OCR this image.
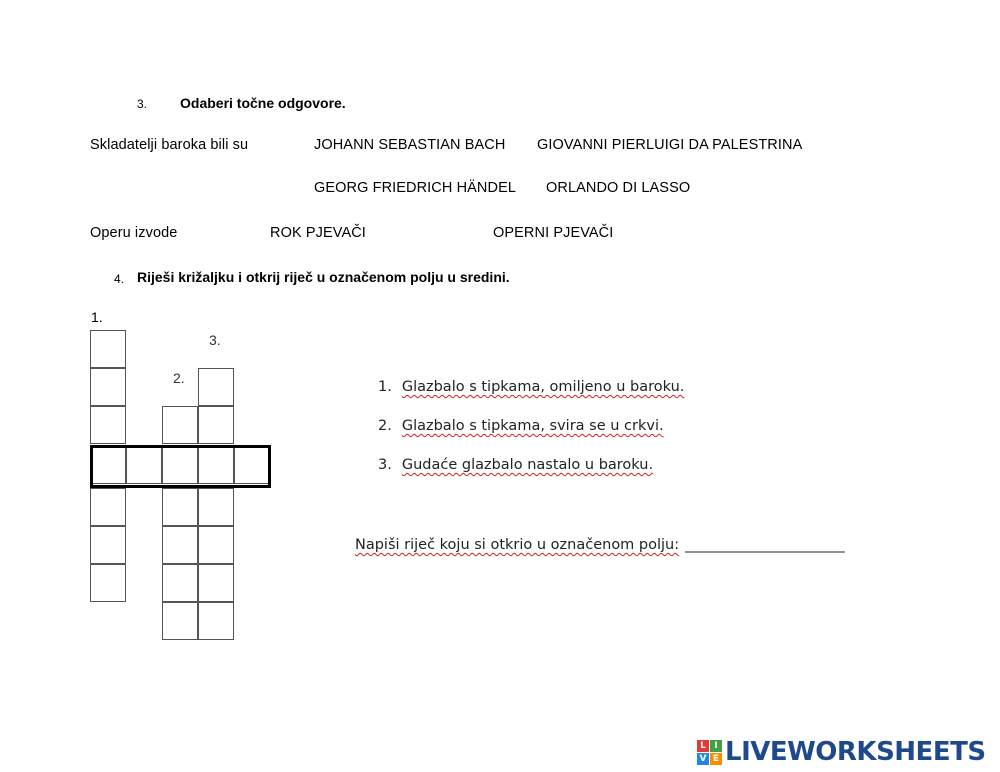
3. Odaberi točne odgovore.
Skladatelji baroka bili su	JOHANN SEBASTIAN BACH GIOVANNI PIERLUIGI DA PALESTRINA
GEORG FRIEDRICH HÄNDEL ORLANDO DI LASSO
Operu izvode	ROK PJEVAČI	OPERNI PJEVAČI
4. Riješi križaljku i otkrij riječ u označenom polju u sredini.
1.
2.
3.
1. Glazbalo s tipkama, omiljeno u baroku.
2. Glazbalo s tipkama, svira se u crkvi.
3. Gudaće glazbalo nastalo u baroku.
Napiši riječ koju si otkrio u označenom polju: ______________________
L I
V E LIVEWORKSHEETS
